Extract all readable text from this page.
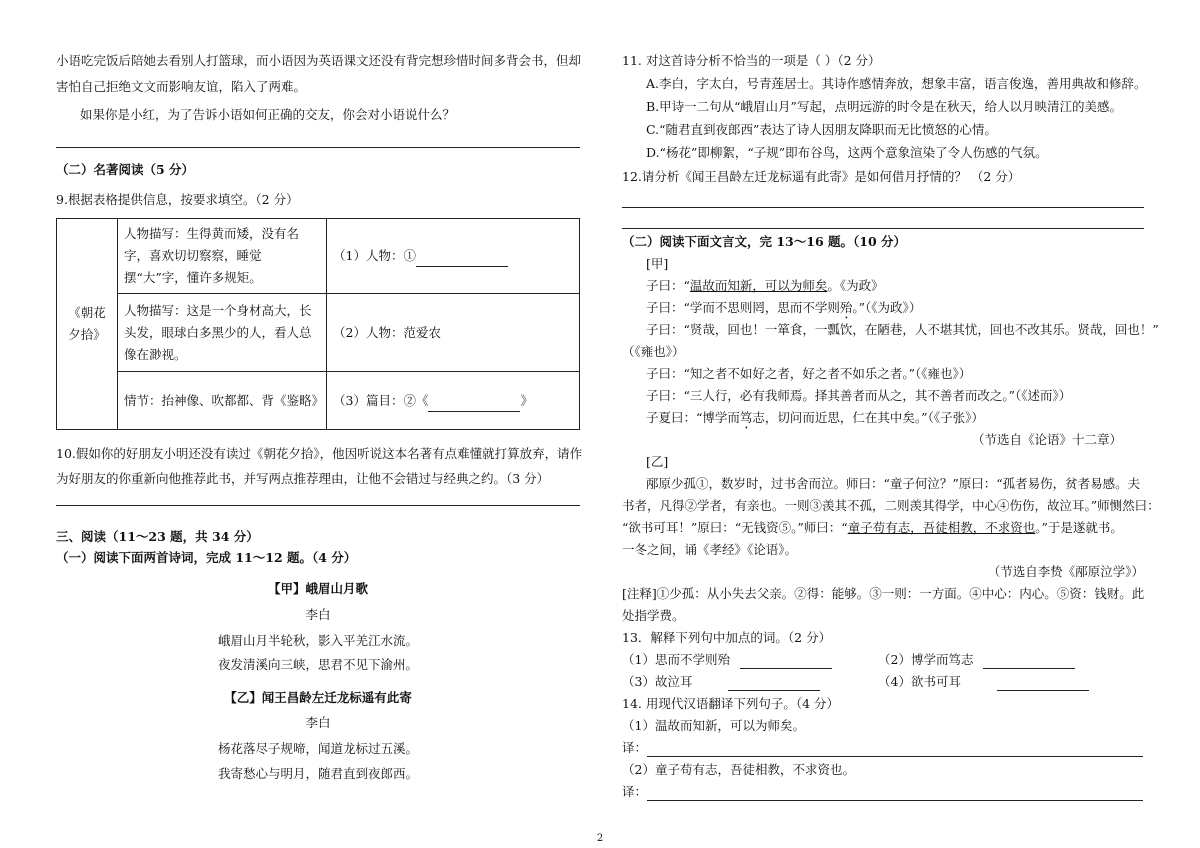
小语吃完饭后陪她去看别人打篮球，而小语因为英语课文还没有背完想珍惜时间多背会书，但却
害怕自己拒绝文文而影响友谊，陷入了两难。
如果你是小红，为了告诉小语如何正确的交友，你会对小语说什么？
（二）名著阅读（5 分）
9.根据表格提供信息，按要求填空。（2 分）
《朝花夕拾》	人物描写：生得黄而矮，没有名字，喜欢切切察察，睡觉摆“大”字，懂许多规矩。	（1）人物：①
	人物描写：这是一个身材高大，长头发，眼球白多黑少的人，看人总像在渺视。	（2）人物：范爱农
	情节：抬神像、吹都都、背《鉴略》	（3）篇目：②《 》
10.假如你的好朋友小明还没有读过《朝花夕拾》，他因听说这本名著有点难懂就打算放弃，请作
为好朋友的你重新向他推荐此书，并写两点推荐理由，让他不会错过与经典之约。（3 分）
三、阅读（11～23 题，共 34 分）
（一）阅读下面两首诗词，完成 11～12 题。（4 分）
【甲】峨眉山月歌
李白
峨眉山月半轮秋，影入平羌江水流。
夜发清溪向三峡，思君不见下渝州。
【乙】闻王昌龄左迁龙标遥有此寄
李白
杨花落尽子规啼，闻道龙标过五溪。
我寄愁心与明月，随君直到夜郎西。
11. 对这首诗分析不恰当的一项是（ ）（2 分）
A.李白，字太白，号青莲居士。其诗作感情奔放，想象丰富，语言俊逸，善用典故和修辞。
B.甲诗一二句从“峨眉山月”写起，点明远游的时令是在秋天，给人以月映清江的美感。
C.“随君直到夜郎西”表达了诗人因朋友降职而无比愤怒的心情。
D.“杨花”即柳絮，“子规”即布谷鸟，这两个意象渲染了令人伤感的气氛。
12.请分析《闻王昌龄左迁龙标遥有此寄》是如何借月抒情的？ （2 分）
（二）阅读下面文言文，完 13～16 题。（10 分）
[甲]
子曰：“温故而知新，可以为师矣。《为政》
子曰：“学而不思则罔，思而不学则殆。”（《为政》）
子曰：“贤哉，回也！一箪食，一瓢饮，在陋巷，人不堪其忧，回也不改其乐。贤哉，回也！”
（《雍也》）
子曰：“知之者不如好之者，好之者不如乐之者。”（《雍也》）
子曰：“三人行，必有我师焉。择其善者而从之，其不善者而改之。”（《述而》）
子夏曰：“博学而笃志，切问而近思，仁在其中矣。”（《子张》）
（节选自《论语》十二章）
[乙]
邴原少孤①，数岁时，过书舍而泣。师曰：“童子何泣？”原曰：“孤者易伤，贫者易感。夫
书者，凡得②学者，有亲也。一则③羡其不孤，二则羡其得学，中心④伤伤，故泣耳。”师恻然曰：
“欲书可耳！”原曰：“无钱资⑤。”师曰：“童子苟有志，吾徒相教，不求资也。”于是遂就书。
一冬之间，诵《孝经》《论语》。
（节选自李贽《邴原泣学》）
[注释]①少孤：从小失去父亲。②得：能够。③一则：一方面。④中心：内心。⑤资：钱财。此
处指学费。
13．解释下列句中加点的词。（2 分）
（1）思而不学则殆	（2）博学而笃志
（3）故泣耳	（4）欲书可耳
14. 用现代汉语翻译下列句子。（4 分）
（1）温故而知新，可以为师矣。
译：
（2）童子苟有志，吾徒相教，不求资也。
译：
2
